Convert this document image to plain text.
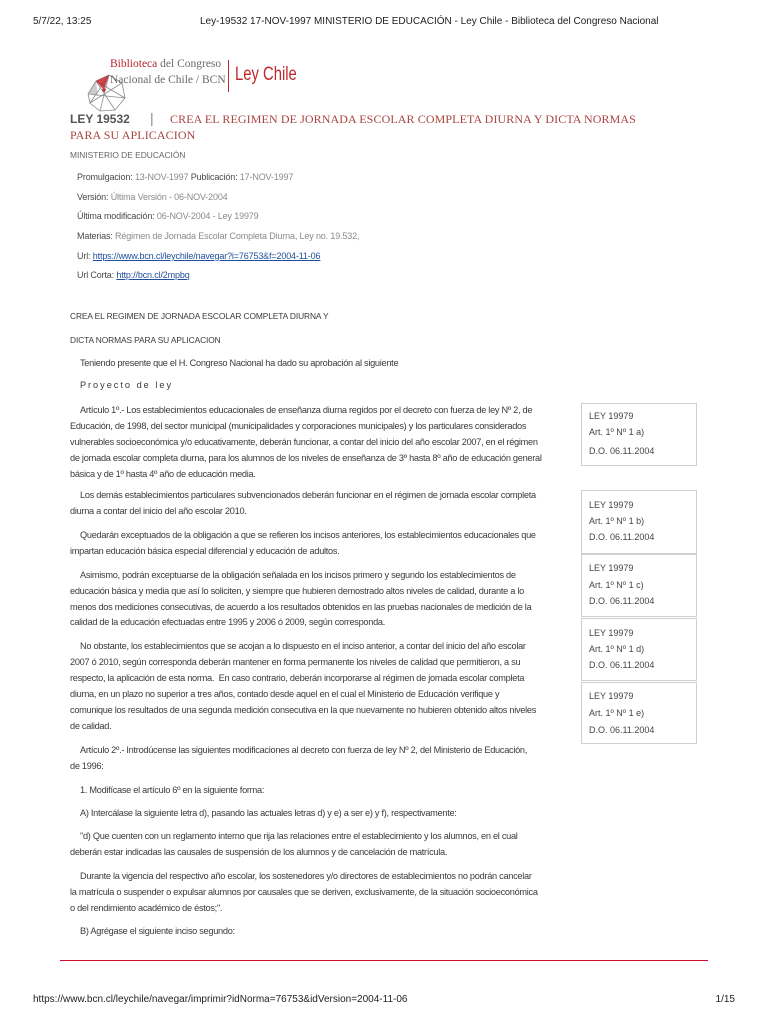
5/7/22, 13:25	Ley-19532 17-NOV-1997 MINISTERIO DE EDUCACIÓN - Ley Chile - Biblioteca del Congreso Nacional

Biblioteca del Congreso

Nacional de Chile / BCN

Ley Chile

LEY 19532 | CREA EL REGIMEN DE JORNADA ESCOLAR COMPLETA DIURNA Y DICTA NORMAS
PARA SU APLICACION
MINISTERIO DE EDUCACIÓN
Promulgacion: 13-NOV-1997 Publicación: 17-NOV-1997
Versión: Última Versión - 06-NOV-2004
Última modificación: 06-NOV-2004 - Ley 19979
Materias: Régimen de Jornada Escolar Completa Diurna, Ley no. 19.532,
Url: https://www.bcn.cl/leychile/navegar?i=76753&f=2004-11-06
Url Corta: http://bcn.cl/2mpbq
CREA EL REGIMEN DE JORNADA ESCOLAR COMPLETA DIURNA Y
DICTA NORMAS PARA SU APLICACION
Teniendo presente que el H. Congreso Nacional ha dado su aprobación al siguiente
P r o y e c t o   d e   l e y
Artículo 1º.- Los establecimientos educacionales de enseñanza diurna regidos por el decreto con fuerza de ley Nº 2, de
Educación, de 1998, del sector municipal (municipalidades y corporaciones municipales) y los particulares considerados
vulnerables socioeconómica y/o educativamente, deberán funcionar, a contar del inicio del año escolar 2007, en el régimen
de jornada escolar completa diurna, para los alumnos de los niveles de enseñanza de 3º hasta 8º año de educación general
básica y de 1º hasta 4º año de educación media.
Los demás establecimientos particulares subvencionados deberán funcionar en el régimen de jornada escolar completa
diurna a contar del inicio del año escolar 2010.
Quedarán exceptuados de la obligación a que se refieren los incisos anteriores, los establecimientos educacionales que
impartan educación básica especial diferencial y educación de adultos.
Asimismo, podrán exceptuarse de la obligación señalada en los incisos primero y segundo los establecimientos de
educación básica y media que así lo soliciten, y siempre que hubieren demostrado altos niveles de calidad, durante a lo
menos dos mediciones consecutivas, de acuerdo a los resultados obtenidos en las pruebas nacionales de medición de la
calidad de la educación efectuadas entre 1995 y 2006 ó 2009, según corresponda.
No obstante, los establecimientos que se acojan a lo dispuesto en el inciso anterior, a contar del inicio del año escolar
2007 ó 2010, según corresponda deberán mantener en forma permanente los niveles de calidad que permitieron, a su
respecto, la aplicación de esta norma.  En caso contrario, deberán incorporarse al régimen de jornada escolar completa
diurna, en un plazo no superior a tres años, contado desde aquel en el cual el Ministerio de Educación verifique y
comunique los resultados de una segunda medición consecutiva en la que nuevamente no hubieren obtenido altos niveles
de calidad.
Artículo 2º.- Introdúcense las siguientes modificaciones al decreto con fuerza de ley Nº 2, del Ministerio de Educación,
de 1996:
1. Modifícase el artículo 6º en la siguiente forma:
A) Intercálase la siguiente letra d), pasando las actuales letras d) y e) a ser e) y f), respectivamente:
"d) Que cuenten con un reglamento interno que rija las relaciones entre el establecimiento y los alumnos, en el cual
deberán estar indicadas las causales de suspensión de los alumnos y de cancelación de matrícula.
Durante la vigencia del respectivo año escolar, los sostenedores y/o directores de establecimientos no podrán cancelar
la matrícula o suspender o expulsar alumnos por causales que se deriven, exclusivamente, de la situación socioeconómica
o del rendimiento académico de éstos;".
B) Agrégase el siguiente inciso segundo:
LEY 19979
Art. 1º Nº 1 a)
D.O. 06.11.2004
LEY 19979
Art. 1º Nº 1 b)
D.O. 06.11.2004
LEY 19979
Art. 1º Nº 1 c)
D.O. 06.11.2004
LEY 19979
Art. 1º Nº 1 d)
D.O. 06.11.2004
LEY 19979
Art. 1º Nº 1 e)
D.O. 06.11.2004
https://www.bcn.cl/leychile/navegar/imprimir?idNorma=76753&idVersion=2004-11-06	1/15
